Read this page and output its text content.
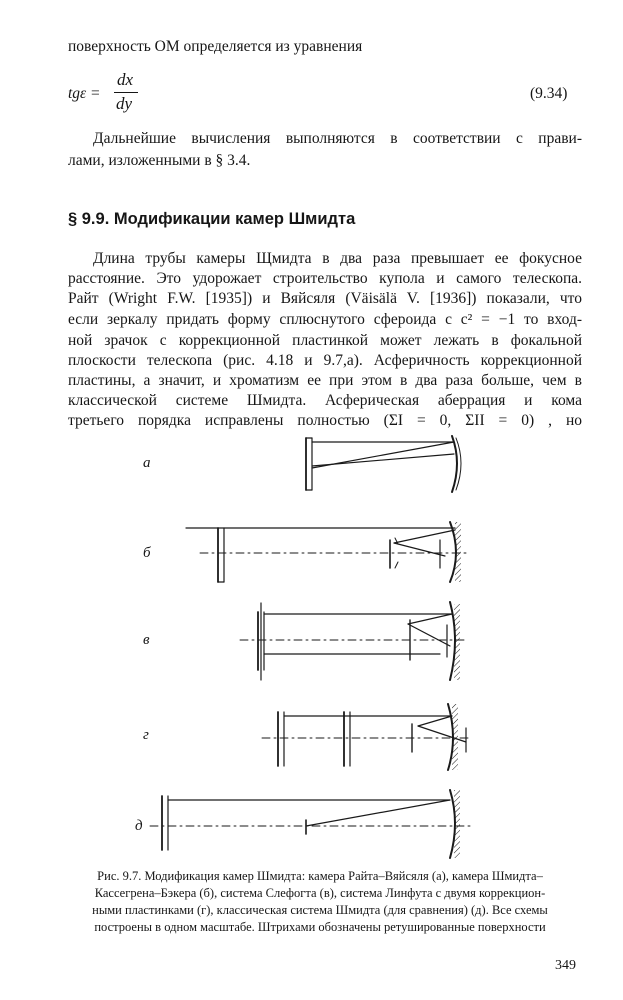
поверхность OM определяется из уравнения

tgε =
dx
dy
(9.34)

Дальнейшие вычисления выполняются в соответствии с прави-

лами, изложенными в § 3.4.

§ 9.9. Модификации камер Шмидта

Длина трубы камеры Щмидта в два раза превышает ее фокусное

расстояние. Это удорожает строительство купола и самого телескопа.

Райт (Wright F.W. [1935]) и Вяйсяля (Väisälä V. [1936]) показали, что

если зеркалу придать форму сплюснутого сфероида с c² = −1 то вход-

ной зрачок с коррекционной пластинкой может лежать в фокальной

плоскости телескопа (рис. 4.18 и 9.7,а). Асферичность коррекционной

пластины, а значит, и хроматизм ее при этом в два раза больше, чем в

классической системе Шмидта. Асферическая аберрация и кома

третьего порядка исправлены полностью (ΣI = 0, ΣII = 0) , но

а
б
в
г
д
Рис. 9.7. Модификация камер Шмидта: камера Райта–Вяйсяля (а), камера Шмидта–
Кассегрена–Бэкера (б), система Слефогта (в), система Линфута с двумя коррекцион-
ными пластинками (г), классическая система Шмидта (для сравнения) (д). Все схемы
построены в одном масштабе. Штрихами обозначены ретушированные поверхности
349
